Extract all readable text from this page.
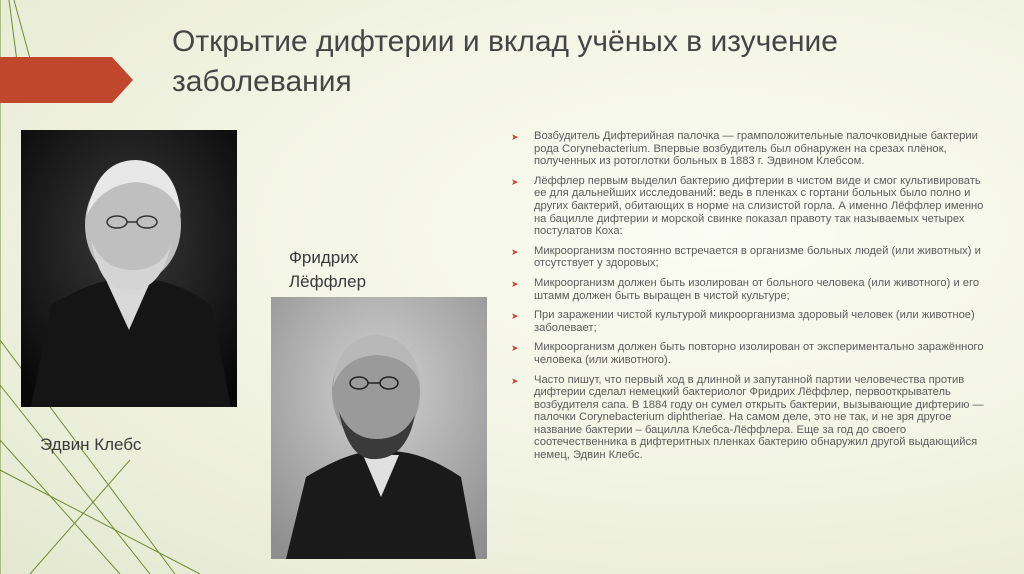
Открытие дифтерии и вклад учёных в изучение заболевания
Эдвин Клебс
Фридрих Лёффлер
➤ Возбудитель Дифтерийная палочка — грамположительные палочковидные бактерии рода Corynebacterium. Впервые возбудитель был обнаружен на срезах плёнок, полученных из ротоглотки больных в 1883 г. Эдвином Клебсом.
➤ Лёффлер первым выделил бактерию дифтерии в чистом виде и смог культивировать ее для дальнейших исследований: ведь в пленках с гортани больных было полно и других бактерий, обитающих в норме на слизистой горла. А именно Лёффлер именно на бацилле дифтерии и морской свинке показал правоту так называемых четырех постулатов Коха:
➤ Микроорганизм постоянно встречается в организме больных людей (или животных) и отсутствует у здоровых;
➤ Микроорганизм должен быть изолирован от больного человека (или животного) и его штамм должен быть выращен в чистой культуре;
➤ При заражении чистой культурой микроорганизма здоровый человек (или животное) заболевает;
➤ Микроорганизм должен быть повторно изолирован от экспериментально заражённого человека (или животного).
➤ Часто пишут, что первый ход в длинной и запутанной партии человечества против дифтерии сделал немецкий бактериолог Фридрих Лёффлер, первооткрыватель возбудителя сапа. В 1884 году он сумел открыть бактерии, вызывающие дифтерию — палочки Corynebacterium diphtheriae. На самом деле, это не так, и не зря другое название бактерии – бацилла Клебса-Лёффлера. Еще за год до своего соотечественника в дифтеритных пленках бактерию обнаружил другой выдающийся немец, Эдвин Клебс.
